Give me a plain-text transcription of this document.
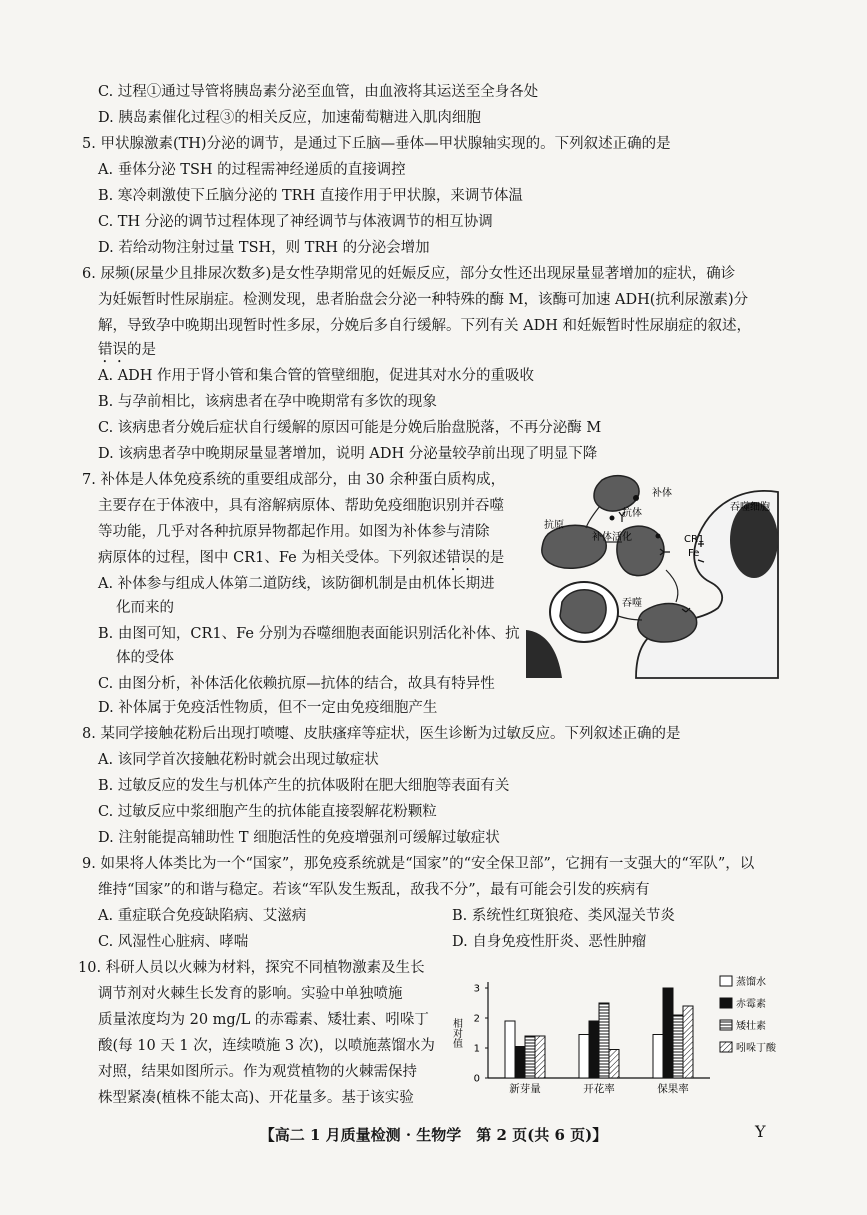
C. 过程①通过导管将胰岛素分泌至血管，由血液将其运送至全身各处
D. 胰岛素催化过程③的相关反应，加速葡萄糖进入肌肉细胞
5. 甲状腺激素(TH)分泌的调节，是通过下丘脑—垂体—甲状腺轴实现的。下列叙述正确的是
A. 垂体分泌 TSH 的过程需神经递质的直接调控
B. 寒冷刺激使下丘脑分泌的 TRH 直接作用于甲状腺，来调节体温
C. TH 分泌的调节过程体现了神经调节与体液调节的相互协调
D. 若给动物注射过量 TSH，则 TRH 的分泌会增加
6. 尿频(尿量少且排尿次数多)是女性孕期常见的妊娠反应，部分女性还出现尿量显著增加的症状，确诊
为妊娠暂时性尿崩症。检测发现，患者胎盘会分泌一种特殊的酶 M，该酶可加速 ADH(抗利尿激素)分
解，导致孕中晚期出现暂时性多尿，分娩后多自行缓解。下列有关 ADH 和妊娠暂时性尿崩症的叙述，
错误的是
A. ADH 作用于肾小管和集合管的管壁细胞，促进其对水分的重吸收
B. 与孕前相比，该病患者在孕中晚期常有多饮的现象
C. 该病患者分娩后症状自行缓解的原因可能是分娩后胎盘脱落，不再分泌酶 M
D. 该病患者孕中晚期尿量显著增加，说明 ADH 分泌量较孕前出现了明显下降
7. 补体是人体免疫系统的重要组成部分，由 30 余种蛋白质构成，
主要存在于体液中，具有溶解病原体、帮助免疫细胞识别并吞噬
等功能，几乎对各种抗原异物都起作用。如图为补体参与清除
病原体的过程，图中 CR1、Fe 为相关受体。下列叙述错误的是
A. 补体参与组成人体第二道防线，该防御机制是由机体长期进
化而来的
B. 由图可知，CR1、Fe 分别为吞噬细胞表面能识别活化补体、抗
体的受体
C. 由图分析，补体活化依赖抗原—抗体的结合，故具有特异性
D. 补体属于免疫活性物质，但不一定由免疫细胞产生
补体
抗体
吞噬细胞
抗原
补体活化	CR1
Fe
吞噬
8. 某同学接触花粉后出现打喷嚏、皮肤瘙痒等症状，医生诊断为过敏反应。下列叙述正确的是
A. 该同学首次接触花粉时就会出现过敏症状
B. 过敏反应的发生与机体产生的抗体吸附在肥大细胞等表面有关
C. 过敏反应中浆细胞产生的抗体能直接裂解花粉颗粒
D. 注射能提高辅助性 T 细胞活性的免疫增强剂可缓解过敏症状
9. 如果将人体类比为一个“国家”，那免疫系统就是“国家”的“安全保卫部”，它拥有一支强大的“军队”，以
维持“国家”的和谐与稳定。若该“军队发生叛乱，敌我不分”，最有可能会引发的疾病有
A. 重症联合免疫缺陷病、艾滋病	B. 系统性红斑狼疮、类风湿关节炎
C. 风湿性心脏病、哮喘	D. 自身免疫性肝炎、恶性肿瘤
10. 科研人员以火棘为材料，探究不同植物激素及生长
调节剂对火棘生长发育的影响。实验中单独喷施
质量浓度均为 20 mg/L 的赤霉素、矮壮素、吲哚丁
酸(每 10 天 1 次，连续喷施 3 次)，以喷施蒸馏水为
对照，结果如图所示。作为观赏植物的火棘需保持
株型紧凑(植株不能太高)、开花量多。基于该实验
0
1
2
3
相对值
新芽量	开花率	保果率
蒸馏水
赤霉素
矮壮素
吲哚丁酸
【高二 1 月质量检测 · 生物学　第 2 页(共 6 页)】	Y
